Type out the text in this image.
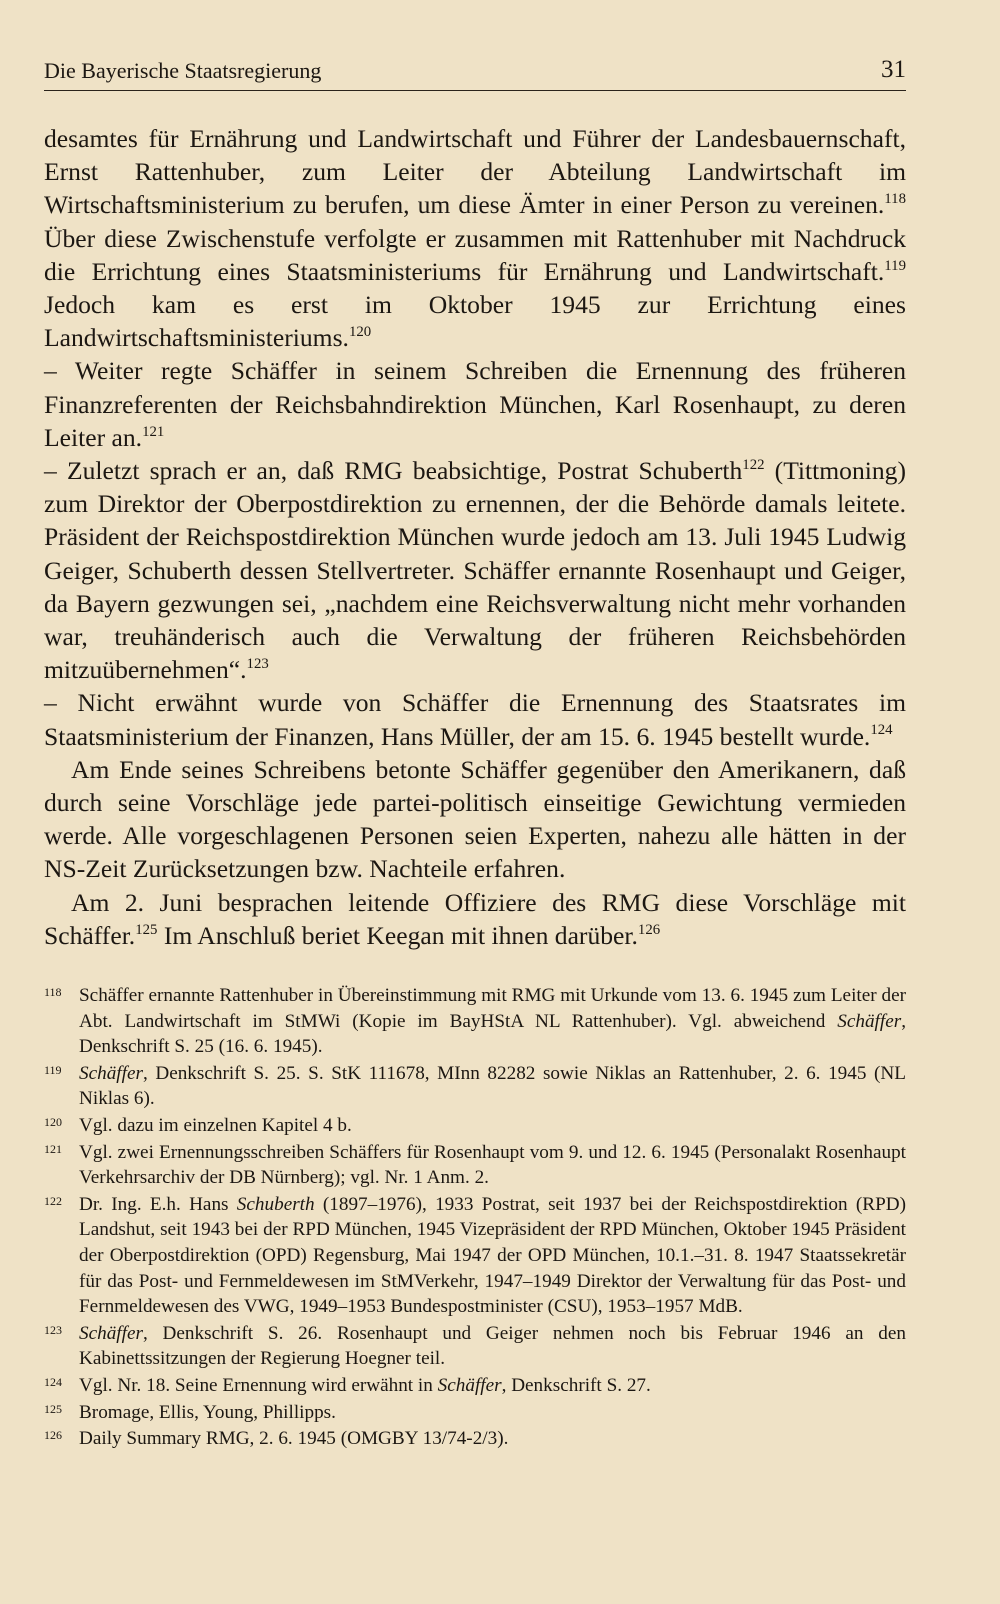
Die Bayerische Staatsregierung	31

desamtes für Ernährung und Landwirtschaft und Führer der Landesbauernschaft, Ernst Rattenhuber, zum Leiter der Abteilung Landwirtschaft im Wirtschaftsministerium zu berufen, um diese Ämter in einer Person zu vereinen.$^{118}$ Über diese Zwischenstufe verfolgte er zusammen mit Rattenhuber mit Nachdruck die Errichtung eines Staatsministeriums für Ernährung und Landwirtschaft.$^{119}$ Jedoch kam es erst im Oktober 1945 zur Errichtung eines Landwirtschaftsministeriums.$^{120}$

– Weiter regte Schäffer in seinem Schreiben die Ernennung des früheren Finanzreferenten der Reichsbahndirektion München, Karl Rosenhaupt, zu deren Leiter an.$^{121}$

– Zuletzt sprach er an, daß RMG beabsichtige, Postrat Schuberth$^{122}$ (Tittmoning) zum Direktor der Oberpostdirektion zu ernennen, der die Behörde damals leitete. Präsident der Reichspostdirektion München wurde jedoch am 13. Juli 1945 Ludwig Geiger, Schuberth dessen Stellvertreter. Schäffer ernannte Rosenhaupt und Geiger, da Bayern gezwungen sei, „nachdem eine Reichsverwaltung nicht mehr vorhanden war, treuhänderisch auch die Verwaltung der früheren Reichsbehörden mitzuübernehmen“.$^{123}$

– Nicht erwähnt wurde von Schäffer die Ernennung des Staatsrates im Staatsministerium der Finanzen, Hans Müller, der am 15. 6. 1945 bestellt wurde.$^{124}$

Am Ende seines Schreibens betonte Schäffer gegenüber den Amerikanern, daß durch seine Vorschläge jede partei-politisch einseitige Gewichtung vermieden werde. Alle vorgeschlagenen Personen seien Experten, nahezu alle hätten in der NS-Zeit Zurücksetzungen bzw. Nachteile erfahren.

Am 2. Juni besprachen leitende Offiziere des RMG diese Vorschläge mit Schäffer.$^{125}$ Im Anschluß beriet Keegan mit ihnen darüber.$^{126}$

118 Schäffer ernannte Rattenhuber in Übereinstimmung mit RMG mit Urkunde vom 13. 6. 1945 zum Leiter der Abt. Landwirtschaft im StMWi (Kopie im BayHStA NL Rattenhuber). Vgl. abweichend Schäffer, Denkschrift S. 25 (16. 6. 1945).
119 Schäffer, Denkschrift S. 25. S. StK 111678, MInn 82282 sowie Niklas an Rattenhuber, 2. 6. 1945 (NL Niklas 6).
120 Vgl. dazu im einzelnen Kapitel 4 b.
121 Vgl. zwei Ernennungsschreiben Schäffers für Rosenhaupt vom 9. und 12. 6. 1945 (Personalakt Rosenhaupt Verkehrsarchiv der DB Nürnberg); vgl. Nr. 1 Anm. 2.
122 Dr. Ing. E.h. Hans Schuberth (1897–1976), 1933 Postrat, seit 1937 bei der Reichspostdirektion (RPD) Landshut, seit 1943 bei der RPD München, 1945 Vizepräsident der RPD München, Oktober 1945 Präsident der Oberpostdirektion (OPD) Regensburg, Mai 1947 der OPD München, 10.1.–31. 8. 1947 Staatssekretär für das Post- und Fernmeldewesen im StMVerkehr, 1947–1949 Direktor der Verwaltung für das Post- und Fernmeldewesen des VWG, 1949–1953 Bundespostminister (CSU), 1953–1957 MdB.
123 Schäffer, Denkschrift S. 26. Rosenhaupt und Geiger nehmen noch bis Februar 1946 an den Kabinettssitzungen der Regierung Hoegner teil.
124 Vgl. Nr. 18. Seine Ernennung wird erwähnt in Schäffer, Denkschrift S. 27.
125 Bromage, Ellis, Young, Phillipps.
126 Daily Summary RMG, 2. 6. 1945 (OMGBY 13/74-2/3).
